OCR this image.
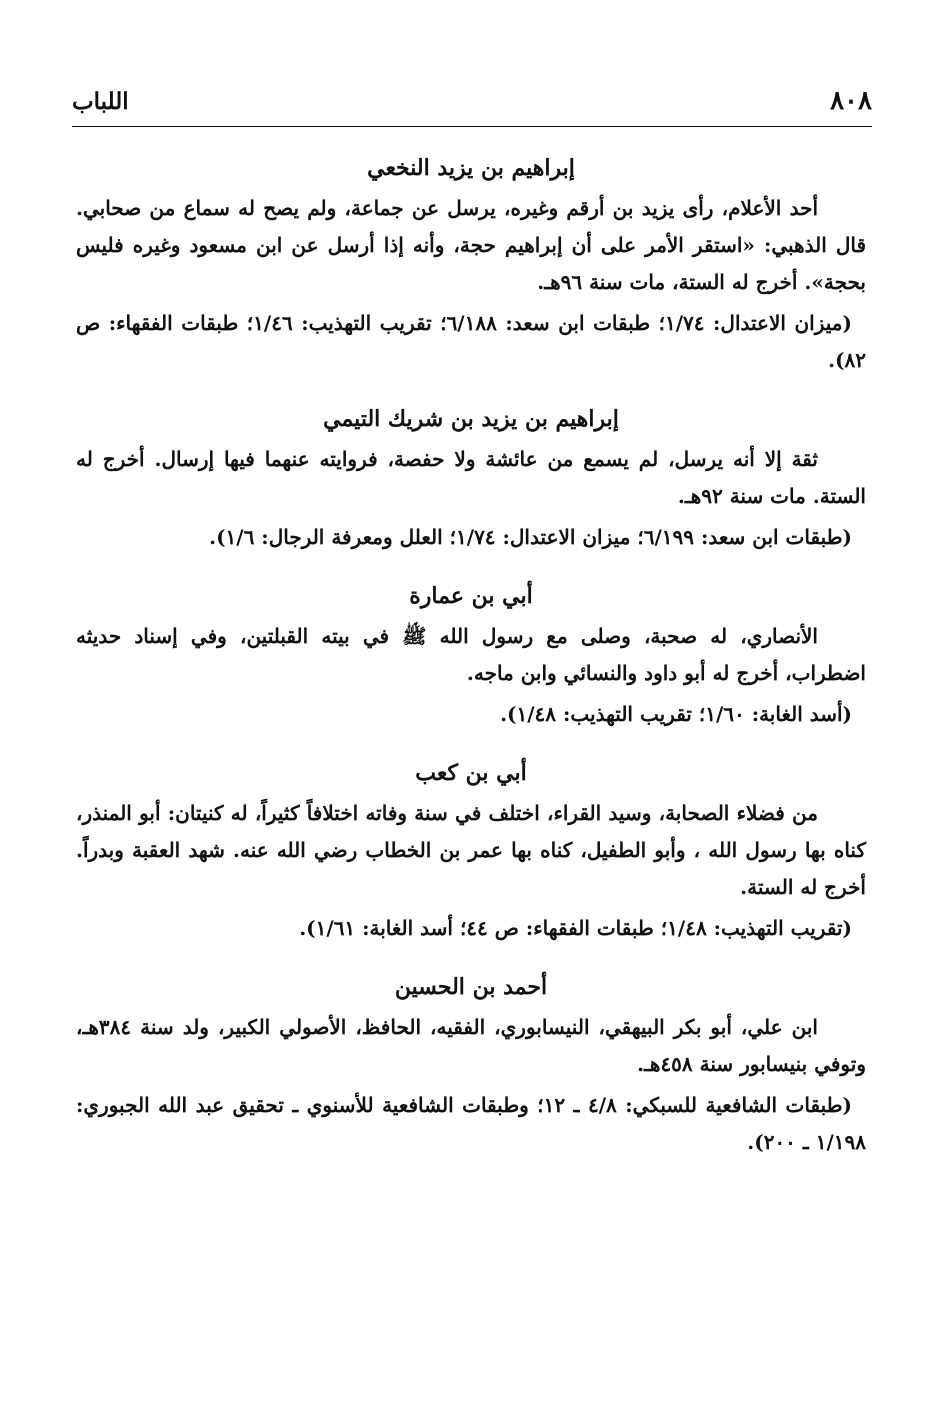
٨٠٨
اللباب
إبراهيم بن يزيد النخعي

أحد الأعلام، رأى يزيد بن أرقم وغيره، يرسل عن جماعة، ولم يصح له سماع من صحابي. قال الذهبي: «استقر الأمر على أن إبراهيم حجة، وأنه إذا أرسل عن ابن مسعود وغيره فليس بحجة». أخرج له الستة، مات سنة ٩٦هـ.

(ميزان الاعتدال: ١/٧٤؛ طبقات ابن سعد: ٦/١٨٨؛ تقريب التهذيب: ١/٤٦؛ طبقات الفقهاء: ص ٨٢).

إبراهيم بن يزيد بن شريك التيمي

ثقة إلا أنه يرسل، لم يسمع من عائشة ولا حفصة، فروايته عنهما فيها إرسال. أخرج له الستة. مات سنة ٩٢هـ.

(طبقات ابن سعد: ٦/١٩٩؛ ميزان الاعتدال: ١/٧٤؛ العلل ومعرفة الرجال: ١/٦).

أبي بن عمارة

الأنصاري، له صحبة، وصلى مع رسول الله ﷺ في بيته القبلتين، وفي إسناد حديثه اضطراب، أخرج له أبو داود والنسائي وابن ماجه.

(أسد الغابة: ١/٦٠؛ تقريب التهذيب: ١/٤٨).

أبي بن كعب

من فضلاء الصحابة، وسيد القراء، اختلف في سنة وفاته اختلافاً كثيراً، له كنيتان: أبو المنذر، كناه بها رسول الله ، وأبو الطفيل، كناه بها عمر بن الخطاب رضي الله عنه. شهد العقبة وبدراً. أخرج له الستة.

(تقريب التهذيب: ١/٤٨؛ طبقات الفقهاء: ص ٤٤؛ أسد الغابة: ١/٦١).

أحمد بن الحسين

ابن علي، أبو بكر البيهقي، النيسابوري، الفقيه، الحافظ، الأصولي الكبير، ولد سنة ٣٨٤هـ، وتوفي بنيسابور سنة ٤٥٨هـ.

(طبقات الشافعية للسبكي: ٤/٨ ـ ١٢؛ وطبقات الشافعية للأسنوي ـ تحقيق عبد الله الجبوري: ١/١٩٨ ـ ٢٠٠).
